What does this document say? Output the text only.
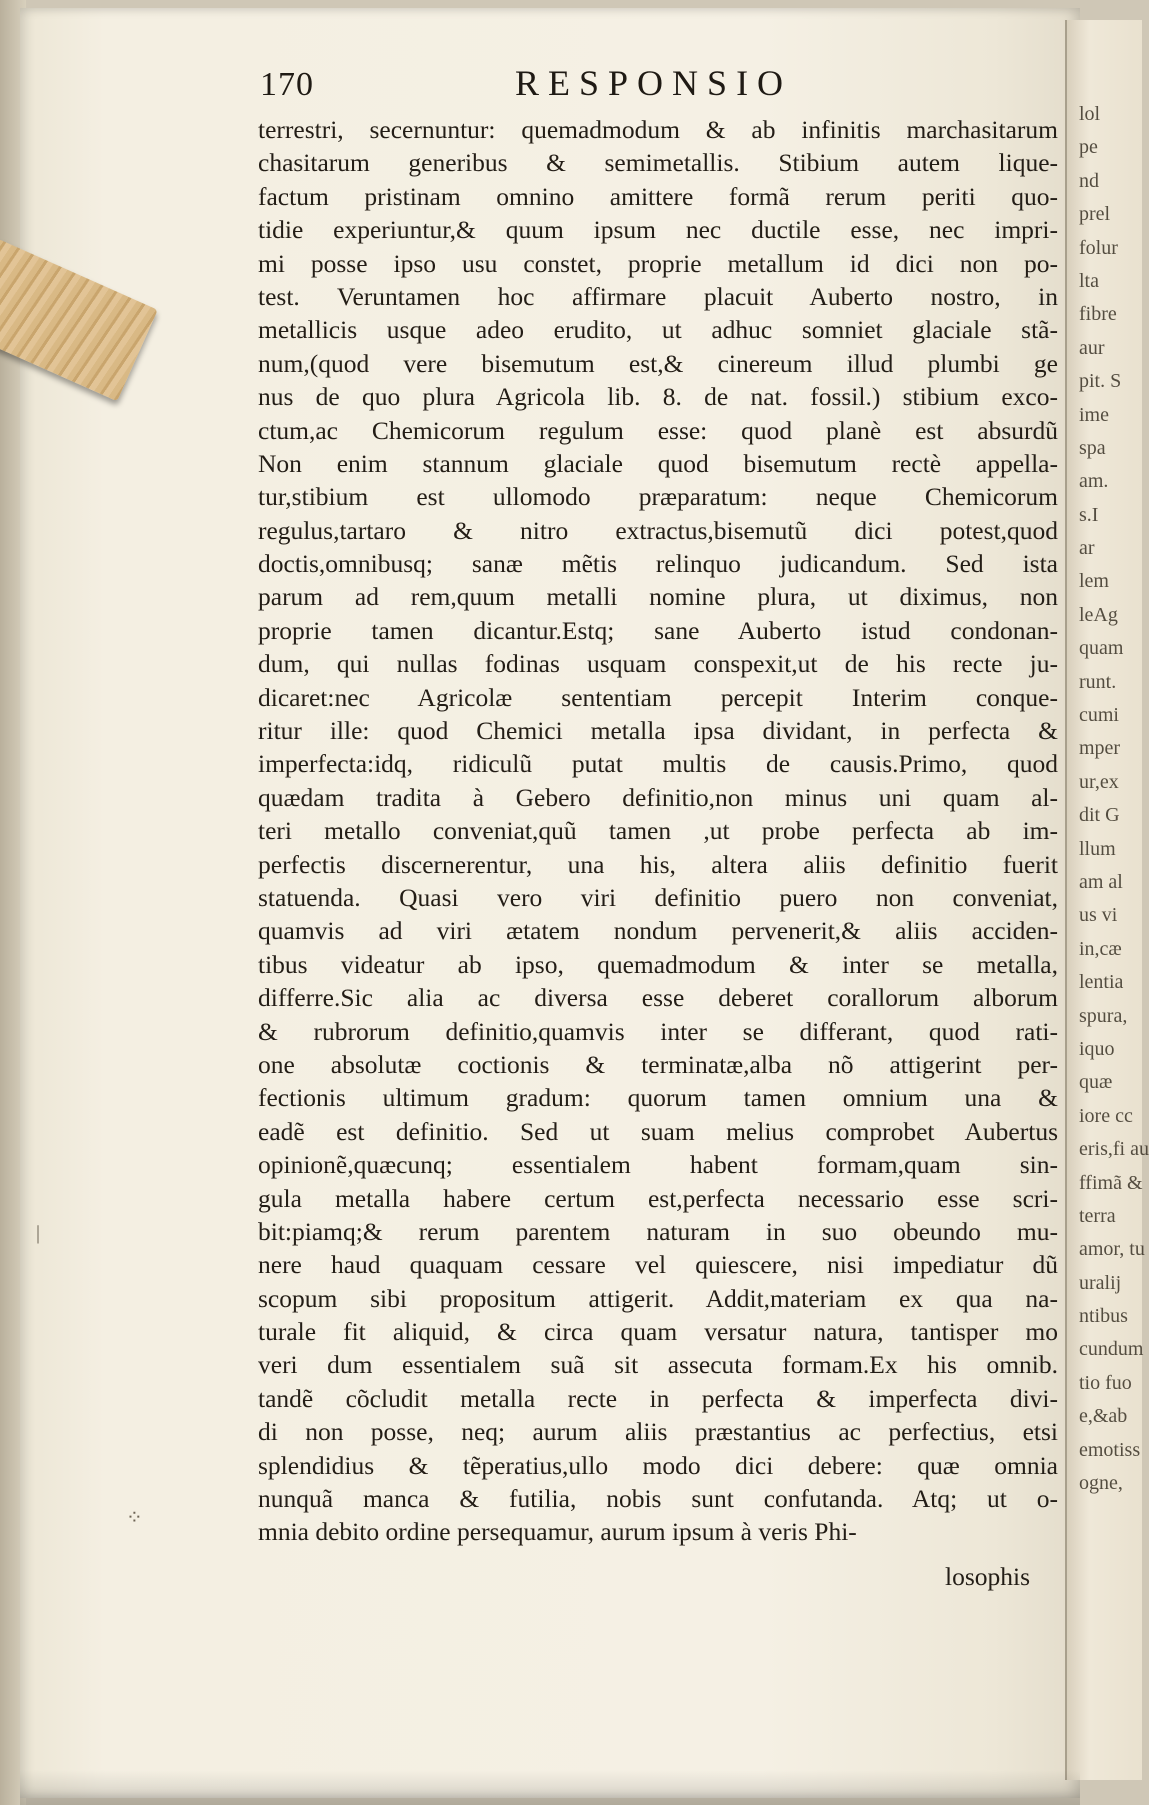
lol
pe
nd
prel
folur
lta
fibre
aur
pit. S
ime
spa
am.
s.I
ar
lem
leAg
quam
runt.
cumi
mper
ur,ex
dit G
llum
am al
us vi
in,cæ
lentia
spura,
iquo
quæ
iore cc
eris,fi au
ffimã &
terra
amor, tu
uralij
ntibus
cundum
tio fuo
e,&ab
emotiss
ogne,
170	RESPONSIO
terrestri, secernuntur: quemadmodum & ab infinitis marchasitarum
chasitarum generibus & semimetallis. Stibium autem lique-
factum pristinam omnino amittere formã rerum periti quo-
tidie experiuntur,& quum ipsum nec ductile esse, nec impri-
mi posse ipso usu constet, proprie metallum id dici non po-
test. Veruntamen hoc affirmare placuit Auberto nostro, in
metallicis usque adeo erudito, ut adhuc somniet glaciale stã-
num,(quod vere bisemutum est,& cinereum illud plumbi ge
nus de quo plura Agricola lib. 8. de nat. fossil.) stibium exco-
ctum,ac Chemicorum regulum esse: quod planè est absurdũ
Non enim stannum glaciale quod bisemutum rectè appella-
tur,stibium est ullomodo præparatum: neque Chemicorum
regulus,tartaro & nitro extractus,bisemutũ dici potest,quod
doctis,omnibusq; sanæ mẽtis relinquo judicandum. Sed ista
parum ad rem,quum metalli nomine plura, ut diximus, non
proprie tamen dicantur.Estq; sane Auberto istud condonan-
dum, qui nullas fodinas usquam conspexit,ut de his recte ju-
dicaret:nec Agricolæ sententiam percepit Interim conque-
ritur ille: quod Chemici metalla ipsa dividant, in perfecta &
imperfecta:idq, ridiculũ putat multis de causis.Primo, quod
quædam tradita à Gebero definitio,non minus uni quam al-
teri metallo conveniat,quũ tamen ,ut probe perfecta ab im-
perfectis discernerentur, una his, altera aliis definitio fuerit
statuenda. Quasi vero viri definitio puero non conveniat,
quamvis ad viri ætatem nondum pervenerit,& aliis acciden-
tibus videatur ab ipso, quemadmodum & inter se metalla,
differre.Sic alia ac diversa esse deberet corallorum alborum
& rubrorum definitio,quamvis inter se differant, quod rati-
one absolutæ coctionis & terminatæ,alba nõ attigerint per-
fectionis ultimum gradum: quorum tamen omnium una &
eadẽ est definitio. Sed ut suam melius comprobet Aubertus
opinionẽ,quæcunq; essentialem habent formam,quam sin-
gula metalla habere certum est,perfecta necessario esse scri-
bit:piamq;& rerum parentem naturam in suo obeundo mu-
nere haud quaquam cessare vel quiescere, nisi impediatur dũ
scopum sibi propositum attigerit. Addit,materiam ex qua na-
turale fit aliquid, & circa quam versatur natura, tantisper mo
veri dum essentialem suã sit assecuta formam.Ex his omnib.
tandẽ cõcludit metalla recte in perfecta & imperfecta divi-
di non posse, neq; aurum aliis præstantius ac perfectius, etsi
splendidius & tẽperatius,ullo modo dici debere: quæ omnia
nunquã manca & futilia, nobis sunt confutanda. Atq; ut o-
mnia debito ordine persequamur, aurum ipsum à veris Phi-
losophis
|
⁘
